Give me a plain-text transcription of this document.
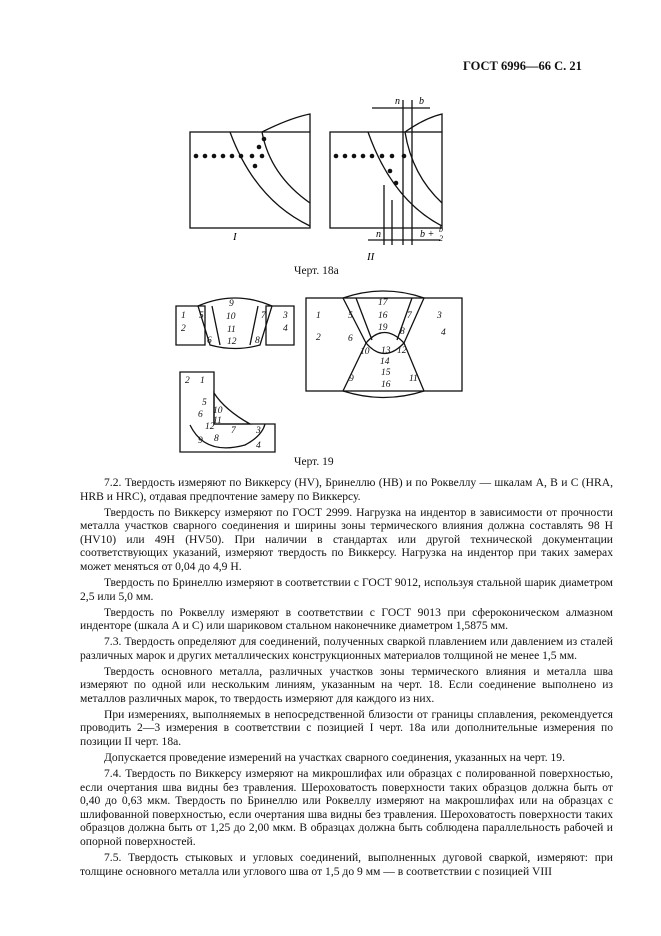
ГОСТ 6996—66 С. 21
I
II
n b
n	b + b
2
Черт. 18а
1 5
9
10
11
12
6	8
7 3
2	4
1	5
17
16
19
7	3
2	4
6
8
10 13
14
15
16
12
9	11
2 1
5
6 10
11
12
9 8
7 3
4
Черт. 19

7.2. Твердость измеряют по Виккерсу (HV), Бринеллю (HB) и по Роквеллу — шкалам А, В и С (HRA, HRB и HRC), отдавая предпочтение замеру по Виккерсу.

Твердость по Виккерсу измеряют по ГОСТ 2999. Нагрузка на индентор в зависимости от прочности металла участков сварного соединения и ширины зоны термического влияния должна составлять 98 Н (HV10) или 49Н (HV50). При наличии в стандартах или другой технической документации соответствующих указаний, измеряют твердость по Виккерсу. Нагрузка на индентор при таких замерах может меняться от 0,04 до 4,9 Н.

Твердость по Бринеллю измеряют в соответствии с ГОСТ 9012, используя стальной шарик диаметром 2,5 или 5,0 мм.

Твердость по Роквеллу измеряют в соответствии с ГОСТ 9013 при сфероконическом алмазном инденторе (шкала А и С) или шариковом стальном наконечнике диаметром 1,5875 мм.

7.3. Твердость определяют для соединений, полученных сваркой плавлением или давлением из сталей различных марок и других металлических конструкционных материалов толщиной не менее 1,5 мм.

Твердость основного металла, различных участков зоны термического влияния и металла шва измеряют по одной или нескольким линиям, указанным на черт. 18. Если соединение выполнено из металлов различных марок, то твердость измеряют для каждого из них.

При измерениях, выполняемых в непосредственной близости от границы сплавления, рекомендуется проводить 2—3 измерения в соответствии с позицией I черт. 18а или дополнительные измерения по позиции II черт. 18а.

Допускается проведение измерений на участках сварного соединения, указанных на черт. 19.

7.4. Твердость по Виккерсу измеряют на микрошлифах или образцах с полированной поверхностью, если очертания шва видны без травления. Шероховатость поверхности таких образцов должна быть от 0,40 до 0,63 мкм. Твердость по Бринеллю или Роквеллу измеряют на макрошлифах или на образцах с шлифованной поверхностью, если очертания шва видны без травления. Шероховатость поверхности таких образцов должна быть от 1,25 до 2,00 мкм. В образцах должна быть соблюдена параллельность рабочей и опорной поверхностей.

7.5. Твердость стыковых и угловых соединений, выполненных дуговой сваркой, измеряют: при толщине основного металла или углового шва от 1,5 до 9 мм — в соответствии с позицией VIII
